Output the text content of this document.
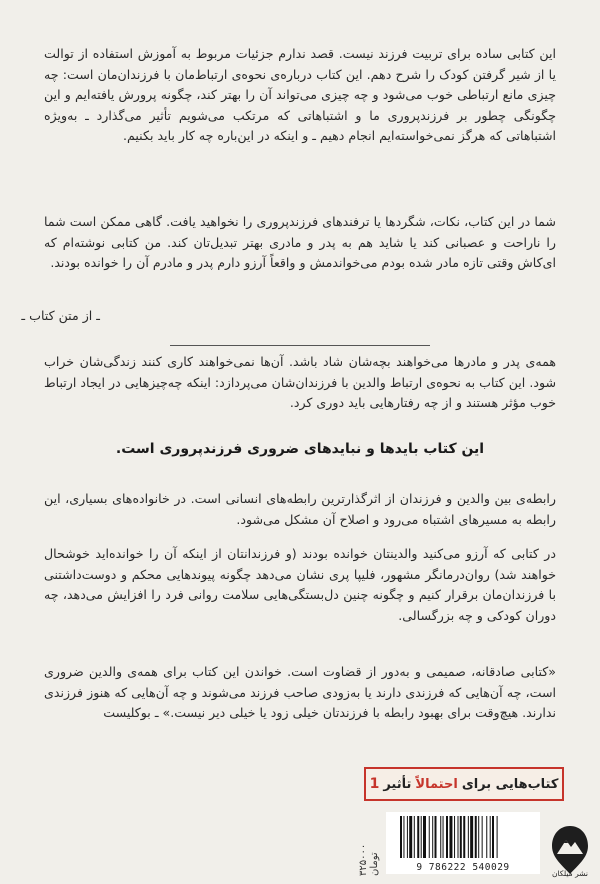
این کتابی ساده برای تربیت فرزند نیست. قصد ندارم جزئیات مربوط به آموزش استفاده از توالت یا از شیر گرفتن کودک را شرح دهم. این کتاب درباره‌ی نحوه‌ی ارتباط‌مان با فرزندان‌مان است: چه چیزی مانع ارتباطی خوب می‌شود و چه چیزی می‌تواند آن را بهتر کند، چگونه پرورش یافته‌ایم و این چگونگی چطور بر فرزندپروری ما و اشتباهاتی که مرتکب می‌شویم تأثیر می‌گذارد ـ به‌ویژه اشتباهاتی که هرگز نمی‌خواسته‌ایم انجام دهیم ـ و اینکه در این‌باره چه کار باید بکنیم.

شما در این کتاب، نکات، شگردها یا ترفندهای فرزندپروری را نخواهید یافت. گاهی ممکن است شما را ناراحت و عصبانی کند یا شاید هم به پدر و مادری بهتر تبدیل‌تان کند. من کتابی نوشته‌ام که ای‌کاش وقتی تازه مادر شده بودم می‌خواندمش و واقعاً آرزو دارم پدر و مادرم آن را خوانده بودند.

ـ از متن کتاب ـ

همه‌ی پدر و مادرها می‌خواهند بچه‌شان شاد باشد. آن‌ها نمی‌خواهند کاری کنند زندگی‌شان خراب شود. این کتاب به نحوه‌ی ارتباط والدین با فرزندان‌شان می‌پردازد: اینکه چه‌چیزهایی در ایجاد ارتباط خوب مؤثر هستند و از چه رفتارهایی باید دوری کرد.

این کتاب بایدها و نبایدهای ضروری فرزندپروری است.

رابطه‌ی بین والدین و فرزندان از اثرگذارترین رابطه‌های انسانی است. در خانواده‌های بسیاری، این رابطه به مسیرهای اشتباه می‌رود و اصلاح آن مشکل می‌شود.

در کتابی که آرزو می‌کنید والدینتان خوانده بودند (و فرزندانتان از اینکه آن را خوانده‌اید خوشحال خواهند شد) روان‌درمانگر مشهور، فلیپا پری نشان می‌دهد چگونه پیوندهایی محکم و دوست‌داشتنی با فرزندان‌مان برقرار کنیم و چگونه چنین دل‌بستگی‌هایی سلامت روانی فرد را افزایش می‌دهد، چه دوران کودکی و چه بزرگسالی.

«کتابی صادقانه، صمیمی و به‌دور از قضاوت است. خواندن این کتاب برای همه‌ی والدین ضروری است، چه آن‌هایی که فرزندی دارند یا به‌زودی صاحب فرزند می‌شوند و چه آن‌هایی که هنوز فرزندی ندارند. هیچ‌وقت برای بهبود رابطه با فرزندتان خیلی زود یا خیلی دیر نیست.» ـ بوکلیست

کتاب‌هایی برای
احتمالاً
تأثیر
1
۳۲۵۰۰۰ تومان	9 786222 540029
نشر میلکان
